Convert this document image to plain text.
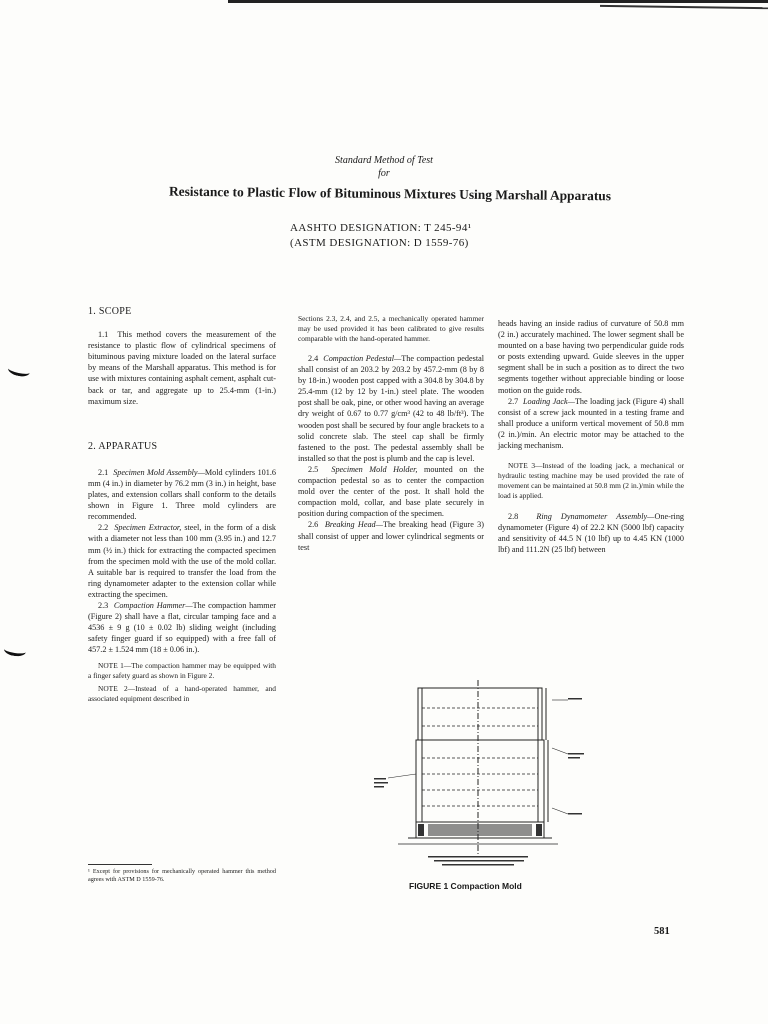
Standard Method of Test
for
Resistance to Plastic Flow of Bituminous Mixtures Using Marshall Apparatus
AASHTO DESIGNATION: T 245-94¹
(ASTM DESIGNATION: D 1559-76)

1. SCOPE

1.1 This method covers the measurement of the resistance to plastic flow of cylindrical specimens of bituminous paving mixture loaded on the lateral surface by means of the Marshall apparatus. This method is for use with mixtures containing asphalt cement, asphalt cut-back or tar, and aggregate up to 25.4-mm (1-in.) maximum size.

2. APPARATUS

2.1 Specimen Mold Assembly—Mold cylinders 101.6 mm (4 in.) in diameter by 76.2 mm (3 in.) in height, base plates, and extension collars shall conform to the details shown in Figure 1. Three mold cylinders are recommended.

2.2 Specimen Extractor, steel, in the form of a disk with a diameter not less than 100 mm (3.95 in.) and 12.7 mm (½ in.) thick for extracting the compacted specimen from the specimen mold with the use of the mold collar. A suitable bar is required to transfer the load from the ring dynamometer adapter to the extension collar while extracting the specimen.

2.3 Compaction Hammer—The compaction hammer (Figure 2) shall have a flat, circular tamping face and a 4536 ± 9 g (10 ± 0.02 lb) sliding weight (including safety finger guard if so equipped) with a free fall of 457.2 ± 1.524 mm (18 ± 0.06 in.).

NOTE 1—The compaction hammer may be equipped with a finger safety guard as shown in Figure 2.

NOTE 2—Instead of a hand-operated hammer, and associated equipment described in

¹ Except for provisions for mechanically operated hammer this method agrees with ASTM D 1559-76.

Sections 2.3, 2.4, and 2.5, a mechanically operated hammer may be used provided it has been calibrated to give results comparable with the hand-operated hammer.

2.4 Compaction Pedestal—The compaction pedestal shall consist of an 203.2 by 203.2 by 457.2-mm (8 by 8 by 18-in.) wooden post capped with a 304.8 by 304.8 by 25.4-mm (12 by 12 by 1-in.) steel plate. The wooden post shall be oak, pine, or other wood having an average dry weight of 0.67 to 0.77 g/cm³ (42 to 48 lb/ft³). The wooden post shall be secured by four angle brackets to a solid concrete slab. The steel cap shall be firmly fastened to the post. The pedestal assembly shall be installed so that the post is plumb and the cap is level.

2.5 Specimen Mold Holder, mounted on the compaction pedestal so as to center the compaction mold over the center of the post. It shall hold the compaction mold, collar, and base plate securely in position during compaction of the specimen.

2.6 Breaking Head—The breaking head (Figure 3) shall consist of upper and lower cylindrical segments or test

heads having an inside radius of curvature of 50.8 mm (2 in.) accurately machined. The lower segment shall be mounted on a base having two perpendicular guide rods or posts extending upward. Guide sleeves in the upper segment shall be in such a position as to direct the two segments together without appreciable binding or loose motion on the guide rods.

2.7 Loading Jack—The loading jack (Figure 4) shall consist of a screw jack mounted in a testing frame and shall produce a uniform vertical movement of 50.8 mm (2 in.)/min. An electric motor may be attached to the jacking mechanism.

NOTE 3—Instead of the loading jack, a mechanical or hydraulic testing machine may be used provided the rate of movement can be maintained at 50.8 mm (2 in.)/min while the load is applied.

2.8 Ring Dynamometer Assembly—One-ring dynamometer (Figure 4) of 22.2 KN (5000 lbf) capacity and sensitivity of 44.5 N (10 lbf) up to 4.45 KN (1000 lbf) and 111.2N (25 lbf) between

FIGURE 1 Compaction Mold
581
